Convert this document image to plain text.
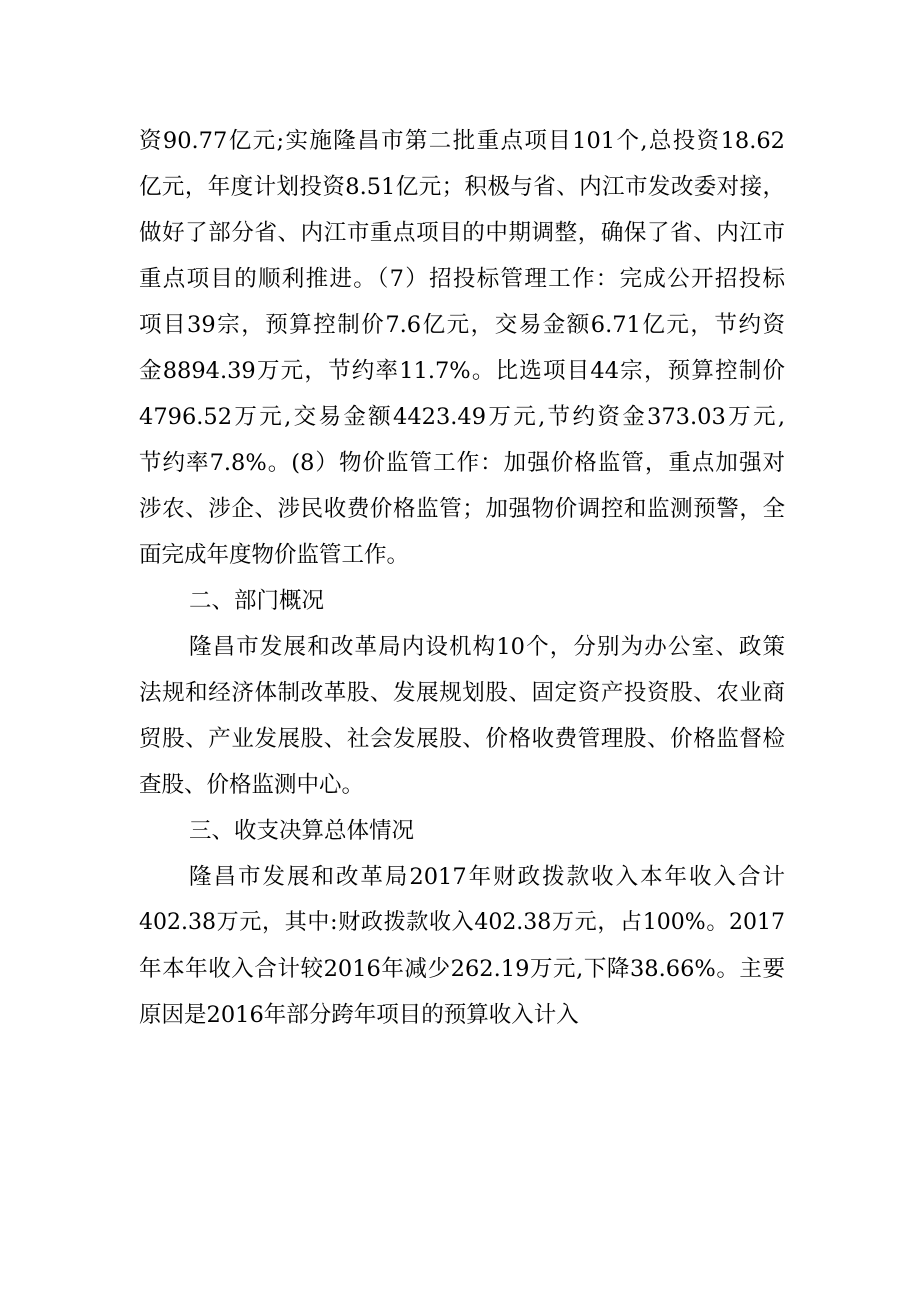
资90.77亿元;实施隆昌市第二批重点项目101个,总投资18.62
亿元，年度计划投资8.51亿元；积极与省、内江市发改委对接，
做好了部分省、内江市重点项目的中期调整，确保了省、内江市
重点项目的顺利推进。（7）招投标管理工作：完成公开招投标
项目39宗，预算控制价7.6亿元，交易金额6.71亿元，节约资
金8894.39万元，节约率11.7%。比选项目44宗，预算控制价
4796.52万元,交易金额4423.49万元,节约资金373.03万元,
节约率7.8%。(8）物价监管工作：加强价格监管，重点加强对
涉农、涉企、涉民收费价格监管；加强物价调控和监测预警，全
面完成年度物价监管工作。
二、部门概况
隆昌市发展和改革局内设机构10个，分别为办公室、政策
法规和经济体制改革股、发展规划股、固定资产投资股、农业商
贸股、产业发展股、社会发展股、价格收费管理股、价格监督检
查股、价格监测中心。
三、收支决算总体情况
隆昌市发展和改革局2017年财政拨款收入本年收入合计
402.38万元，其中:财政拨款收入402.38万元，占100%。2017
年本年收入合计较2016年减少262.19万元,下降38.66%。主要
原因是2016年部分跨年项目的预算收入计入
